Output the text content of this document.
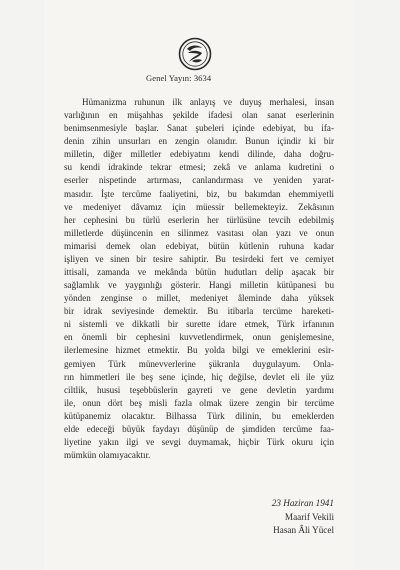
Genel Yayın: 3634
Hümanizma ruhunun ilk anlayış ve duyuş merhalesi, insan
varlığının en müşahhas şekilde ifadesi olan sanat eserlerinin
benimsenmesiyle başlar. Sanat şubeleri içinde edebiyat, bu ifa-
denin zihin unsurları en zengin olanıdır. Bunun içindir ki bir
milletin, diğer milletler edebiyatını kendi dilinde, daha doğru-
su kendi idrakinde tekrar etmesi; zekâ ve anlama kudretini o
eserler nispetinde artırması, canlandırması ve yeniden yarat-
masıdır. İşte tercüme faaliyetini, biz, bu bakımdan ehemmiyetli
ve medeniyet dâvamız için müessir bellemekteyiz. Zekâsının
her cephesini bu türlü eserlerin her türlüsüne tevcih edebilmiş
milletlerde düşüncenin en silinmez vasıtası olan yazı ve onun
mimarisi demek olan edebiyat, bütün kütlenin ruhuna kadar
işliyen ve sinen bir tesire sahiptir. Bu tesirdeki fert ve cemiyet
ittisali, zamanda ve mekânda bütün hudutları delip aşacak bir
sağlamlık ve yaygınlığı gösterir. Hangi milletin kütüpanesi bu
yönden zenginse o millet, medeniyet âleminde daha yüksek
bir idrak seviyesinde demektir. Bu itibarla tercüme hareketi-
ni sistemli ve dikkatli bir surette idare etmek, Türk irfanının
en önemli bir cephesini kuvvetlendirmek, onun genişlemesine,
ilerlemesine hizmet etmektir. Bu yolda bilgi ve emeklerini esir-
gemiyen Türk münevverlerine şükranla duygulayum. Onla-
rın himmetleri ile beş sene içinde, hiç değilse, devlet eli ile yüz
ciltlik, hususi teşebbüslerin gayreti ve gene devletin yardımı
ile, onun dört beş misli fazla olmak üzere zengin bir tercüme
kütüpanemiz olacaktır. Bilhassa Türk dilinin, bu emeklerden
elde edeceği büyük faydayı düşünüp de şimdiden tercüme faa-
liyetine yakın ilgi ve sevgi duymamak, hiçbir Türk okuru için
mümkün olamıyacaktır.
23 Haziran 1941
Maarif Vekili
Hasan Âli Yücel
